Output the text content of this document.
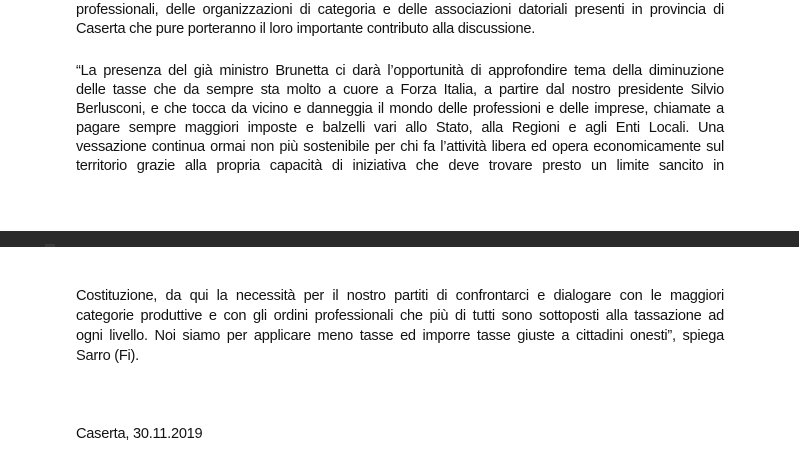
professionali, delle organizzazioni di categoria e delle associazioni datoriali presenti in provincia di
Caserta che pure porteranno il loro importante contributo alla discussione.
“La presenza del già ministro Brunetta ci darà l’opportunità di approfondire tema della diminuzione
delle tasse che da sempre sta molto a cuore a Forza Italia, a partire dal nostro presidente Silvio
Berlusconi, e che tocca da vicino e danneggia il mondo delle professioni e delle imprese, chiamate a
pagare sempre maggiori imposte e balzelli vari allo Stato, alla Regioni e agli Enti Locali. Una
vessazione continua ormai non più sostenibile per chi fa l’attività libera ed opera economicamente sul
territorio grazie alla propria capacità di iniziativa che deve trovare presto un limite sancito in
Costituzione, da qui la necessità per il nostro partiti di confrontarci e dialogare con le maggiori
categorie produttive e con gli ordini professionali che più di tutti sono sottoposti alla tassazione ad
ogni livello. Noi siamo per applicare meno tasse ed imporre tasse giuste a cittadini onesti”, spiega
Sarro (Fi).
Caserta, 30.11.2019
